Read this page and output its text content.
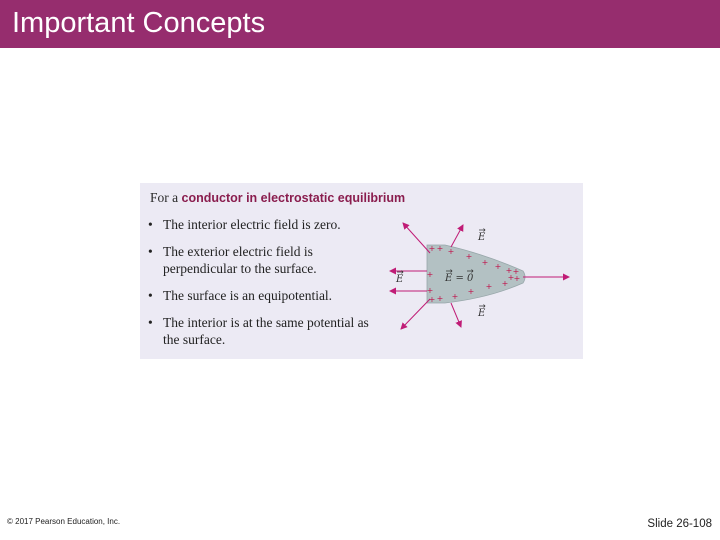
Important Concepts
For a conductor in electrostatic equilibrium
• The interior electric field is zero.
• The exterior electric field is perpendicular to the surface.
• The surface is an equipotential.
• The interior is at the same potential as the surface.
+ + +
+
+ + + +
+ +
+
+
+
+
+
+
+
+
E
E
E
E = 0
© 2017 Pearson Education, Inc.	Slide 26-108
